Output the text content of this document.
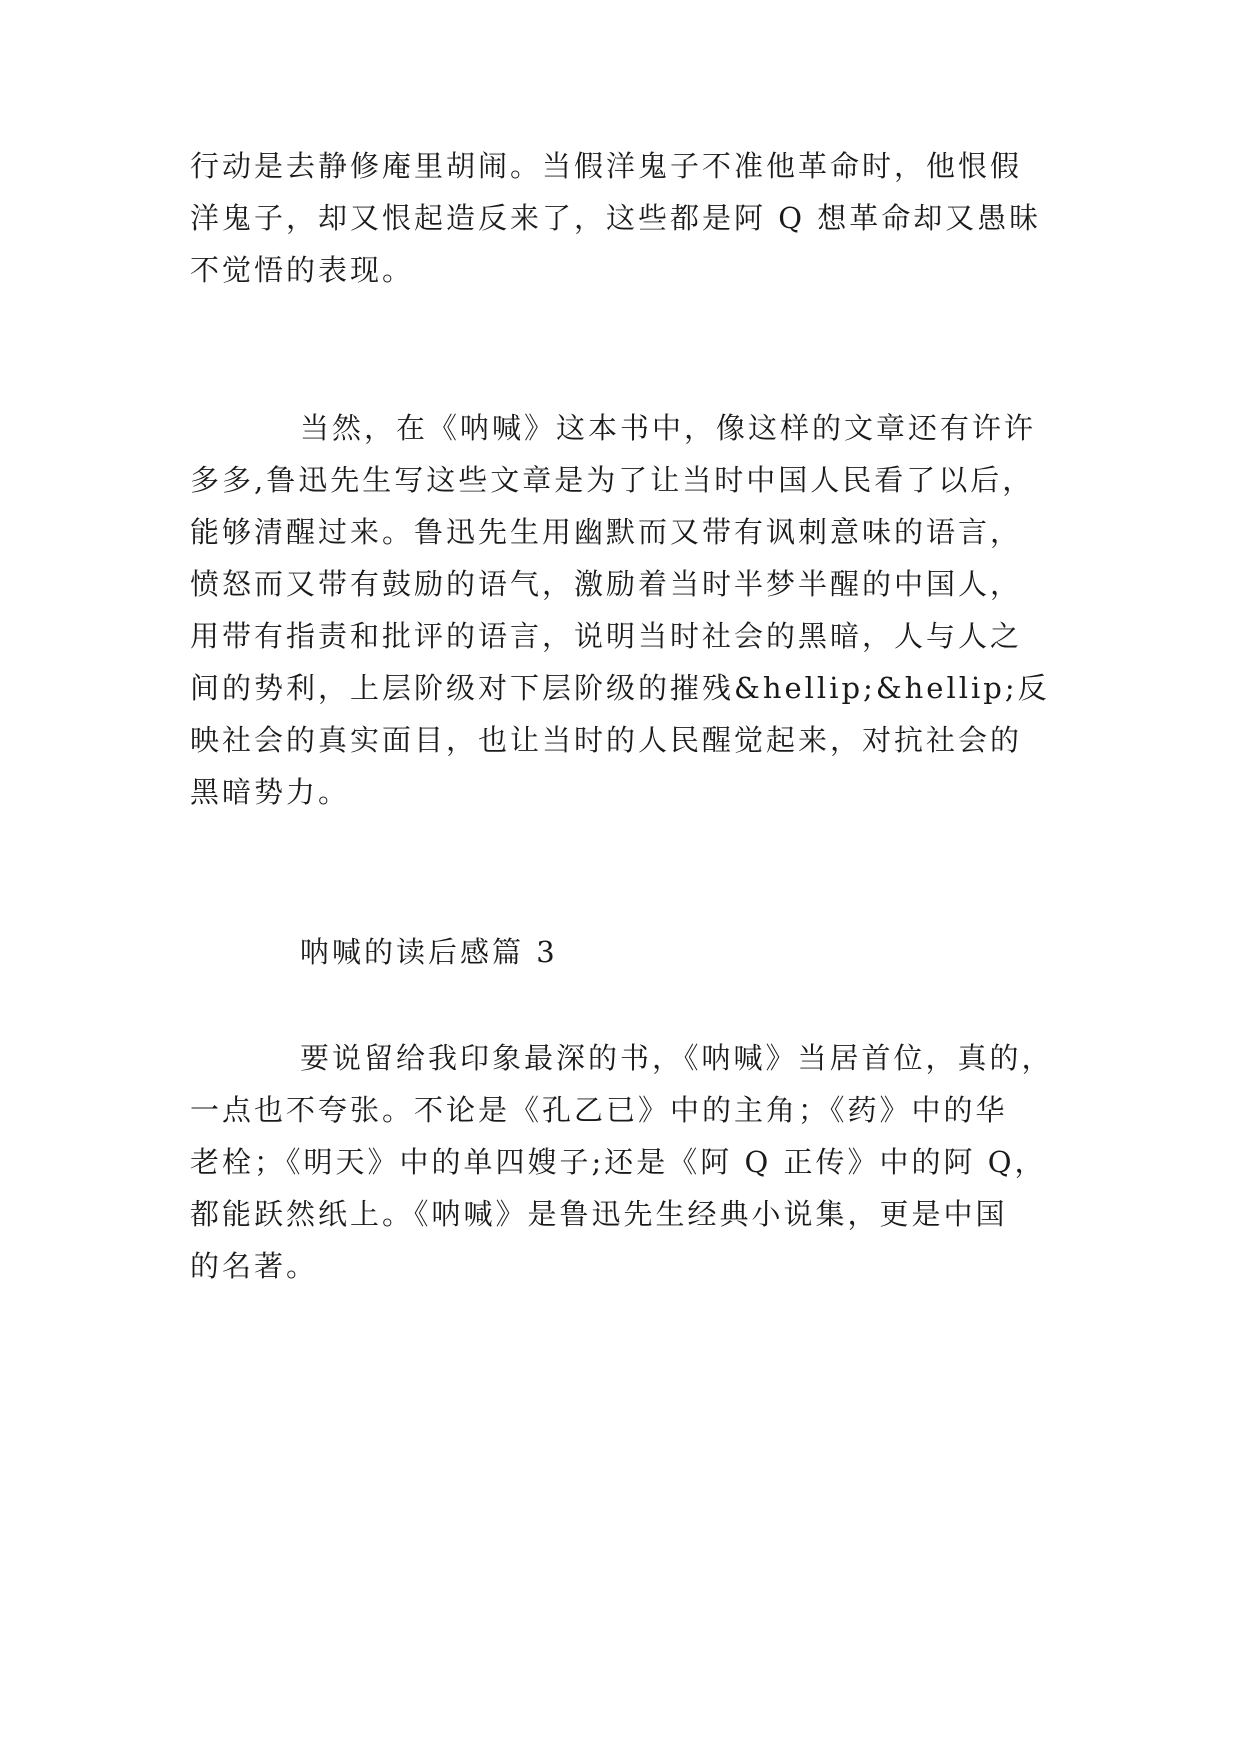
行动是去静修庵里胡闹。当假洋鬼子不准他革命时，他恨假
洋鬼子，却又恨起造反来了，这些都是阿 Q 想革命却又愚昧
不觉悟的表现。
当然，在《呐喊》这本书中，像这样的文章还有许许
多多,鲁迅先生写这些文章是为了让当时中国人民看了以后，
能够清醒过来。鲁迅先生用幽默而又带有讽刺意味的语言，
愤怒而又带有鼓励的语气，激励着当时半梦半醒的中国人，
用带有指责和批评的语言，说明当时社会的黑暗，人与人之
间的势利，上层阶级对下层阶级的摧残&hellip;&hellip;反
映社会的真实面目，也让当时的人民醒觉起来，对抗社会的
黑暗势力。
呐喊的读后感篇 3
要说留给我印象最深的书，《呐喊》当居首位，真的，
一点也不夸张。不论是《孔乙已》中的主角；《药》中的华
老栓；《明天》中的单四嫂子;还是《阿 Q 正传》中的阿 Q，
都能跃然纸上。《呐喊》是鲁迅先生经典小说集，更是中国
的名著。
